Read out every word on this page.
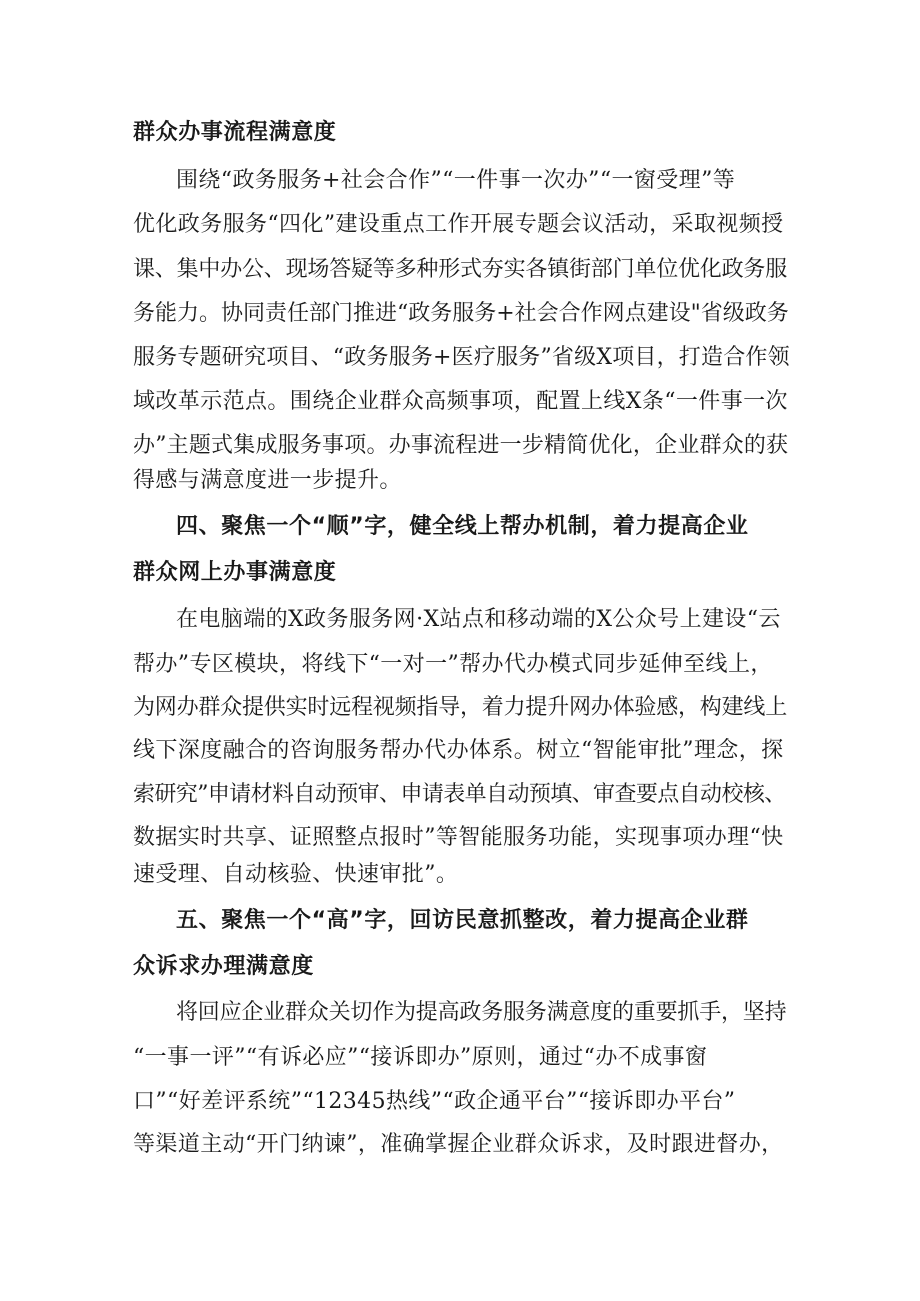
群众办事流程满意度
围绕“政务服务+社会合作”“一件事一次办”“一窗受理”等
优化政务服务“四化”建设重点工作开展专题会议活动，采取视频授
课、集中办公、现场答疑等多种形式夯实各镇街部门单位优化政务服
务能力。协同责任部门推进“政务服务+社会合作网点建设"省级政务
服务专题研究项目、“政务服务+医疗服务”省级X项目，打造合作领
域改革示范点。围绕企业群众高频事项，配置上线X条“一件事一次
办”主题式集成服务事项。办事流程进一步精简优化，企业群众的获
得感与满意度进一步提升。
四、聚焦一个“顺”字，健全线上帮办机制，着力提高企业
群众网上办事满意度
在电脑端的X政务服务网·X站点和移动端的X公众号上建设“云
帮办”专区模块，将线下“一对一”帮办代办模式同步延伸至线上，
为网办群众提供实时远程视频指导，着力提升网办体验感，构建线上
线下深度融合的咨询服务帮办代办体系。树立“智能审批”理念，探
索研究”申请材料自动预审、申请表单自动预填、审查要点自动校核、
数据实时共享、证照整点报时”等智能服务功能，实现事项办理“快
速受理、自动核验、快速审批”。
五、聚焦一个“高”字，回访民意抓整改，着力提高企业群
众诉求办理满意度
将回应企业群众关切作为提高政务服务满意度的重要抓手，坚持
“一事一评”“有诉必应”“接诉即办”原则，通过“办不成事窗
口”“好差评系统”“12345热线”“政企通平台”“接诉即办平台”
等渠道主动“开门纳谏”，准确掌握企业群众诉求，及时跟进督办，
